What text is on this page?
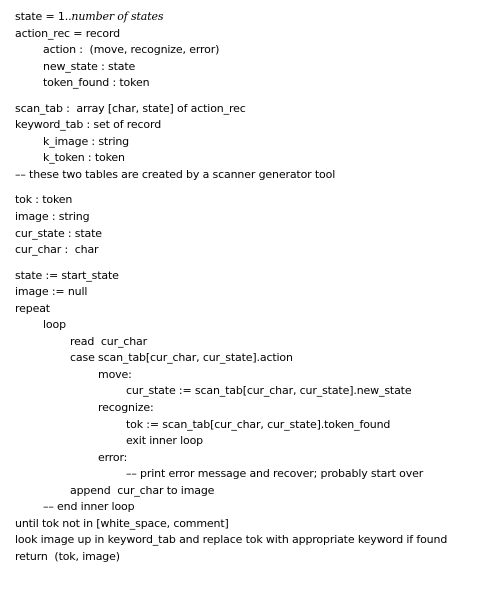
state = 1..number of states
action_rec = record
action :  (move, recognize, error)
new_state : state
token_found : token
scan_tab :  array [char, state] of action_rec
keyword_tab : set of record
k_image : string
k_token : token
–– these two tables are created by a scanner generator tool
tok : token
image : string
cur_state : state
cur_char :  char
state := start_state
image := null
repeat
loop
read  cur_char
case scan_tab[cur_char, cur_state].action
move:
cur_state := scan_tab[cur_char, cur_state].new_state
recognize:
tok := scan_tab[cur_char, cur_state].token_found
exit inner loop
error:
–– print error message and recover; probably start over
append  cur_char to image
–– end inner loop
until tok not in [white_space, comment]
look image up in keyword_tab and replace tok with appropriate keyword if found
return  (tok, image)
